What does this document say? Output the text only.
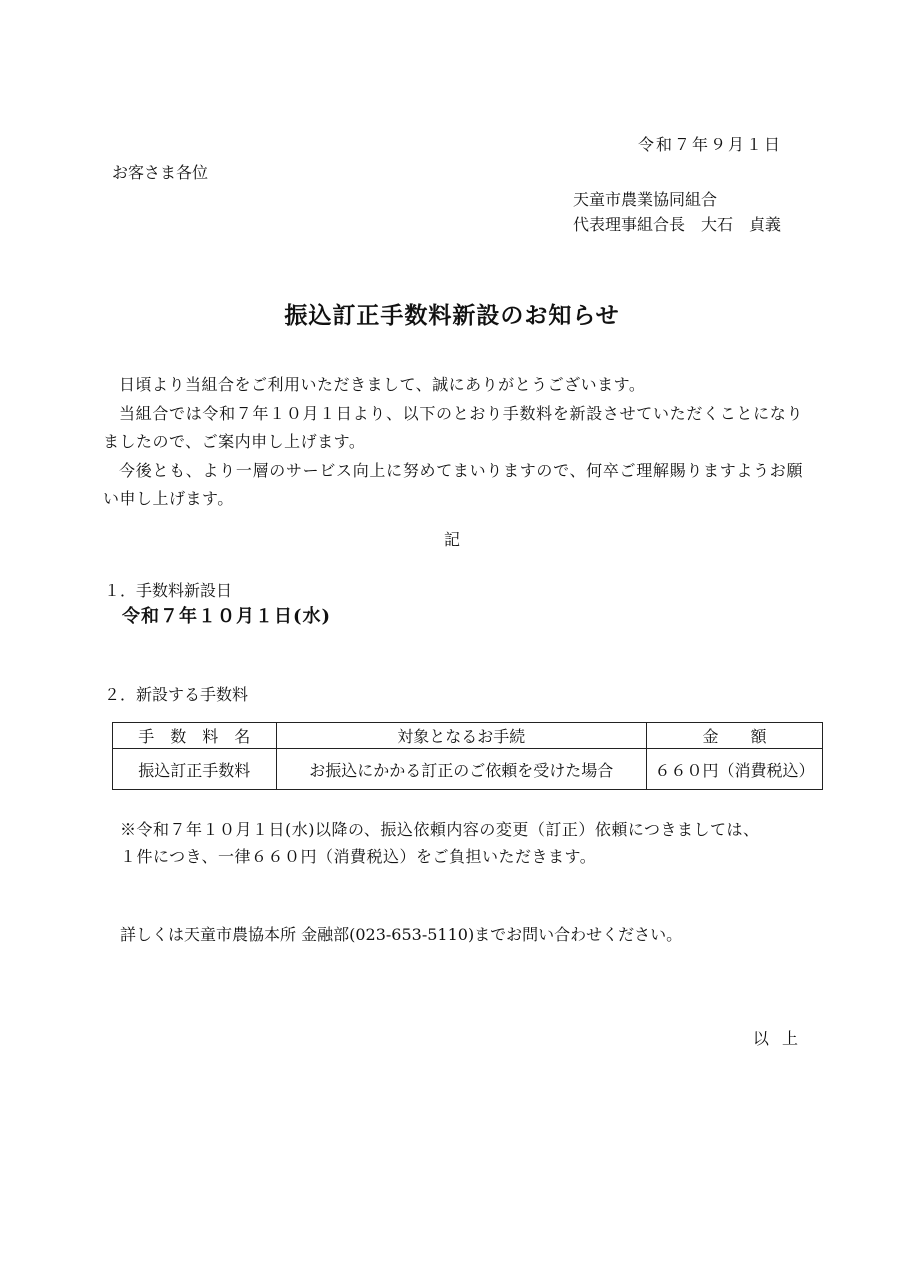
令和７年９月１日
お客さま各位
天童市農業協同組合
代表理事組合長　大石　貞義
振込訂正手数料新設のお知らせ

日頃より当組合をご利用いただきまして、誠にありがとうございます。

当組合では令和７年１０月１日より、以下のとおり手数料を新設させていただくことになりましたので、ご案内申し上げます。

今後とも、より一層のサービス向上に努めてまいりますので、何卒ご理解賜りますようお願い申し上げます。

記
１．手数料新設日
令和７年１０月１日(水)
２．新設する手数料
手　数　料　名	対象となるお手続	金　　額
振込訂正手数料	お振込にかかる訂正のご依頼を受けた場合	６６０円（消費税込）
※令和７年１０月１日(水)以降の、振込依頼内容の変更（訂正）依頼につきましては、
１件につき、一律６６０円（消費税込）をご負担いただきます。
詳しくは天童市農協本所 金融部(023-653-5110)までお問い合わせください。
以 上
